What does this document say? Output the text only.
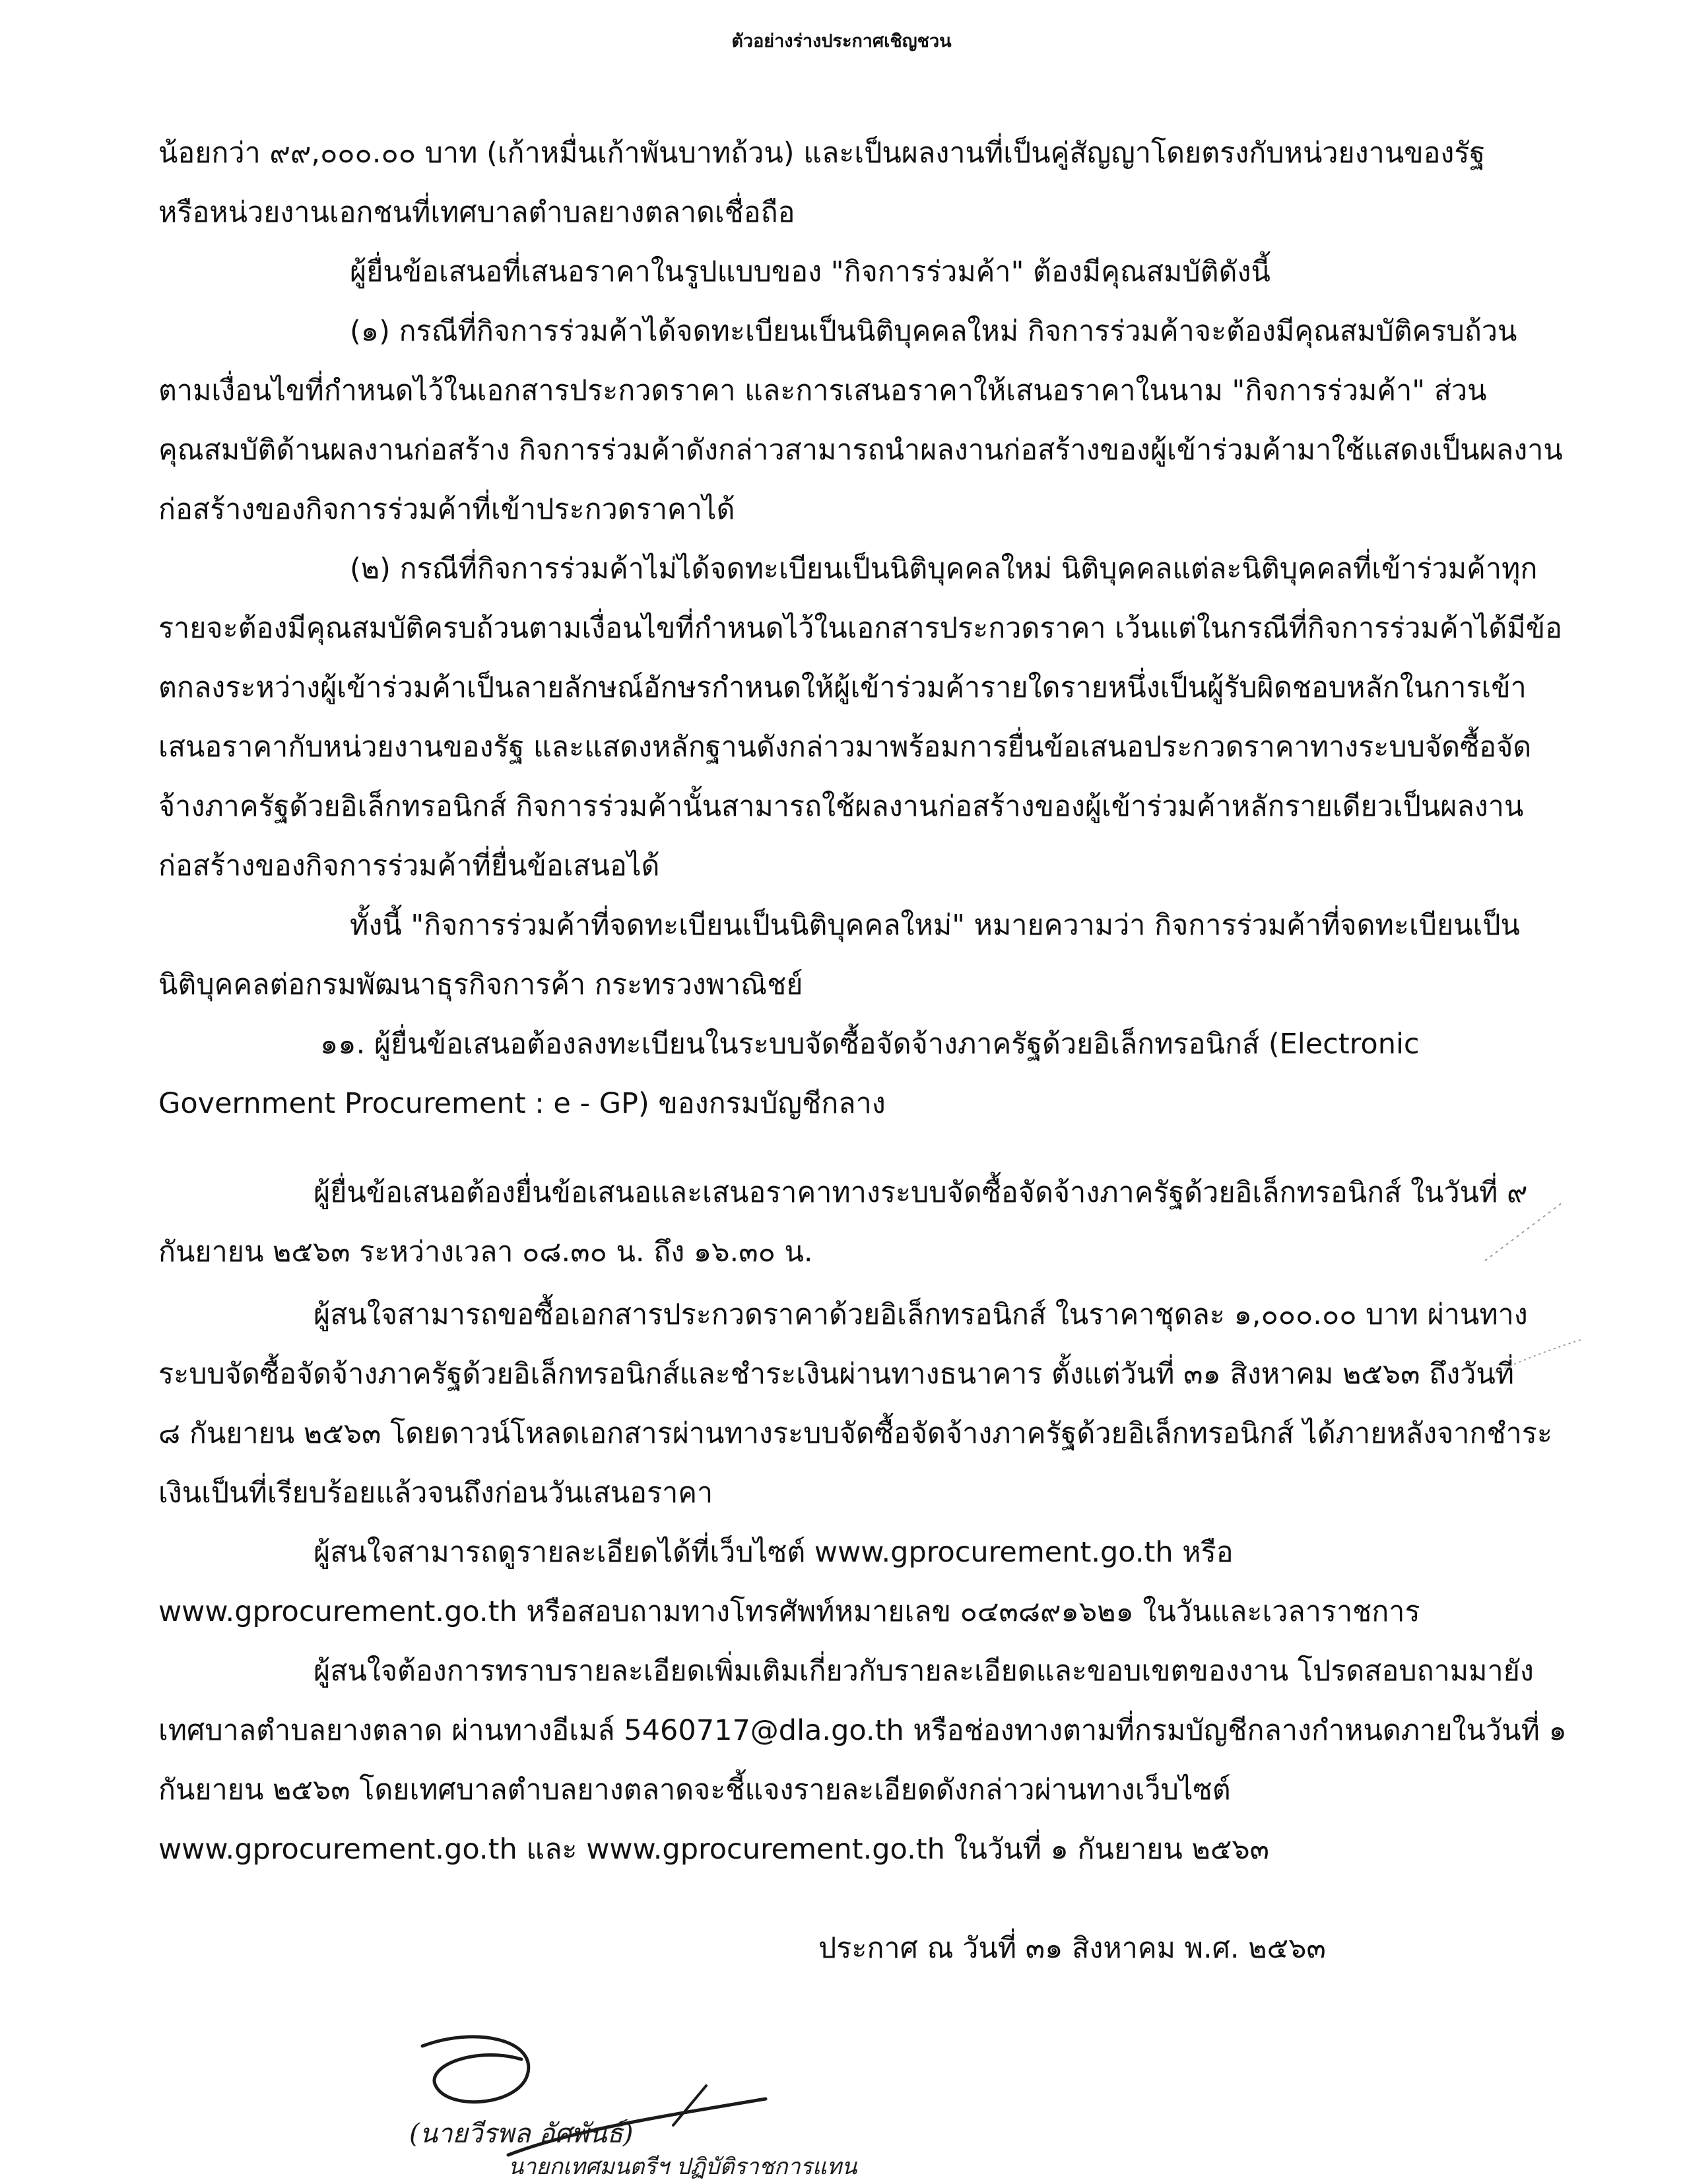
ตัวอย่างร่างประกาศเชิญชวน
น้อยกว่า ๙๙,๐๐๐.๐๐ บาท (เก้าหมื่นเก้าพันบาทถ้วน) และเป็นผลงานที่เป็นคู่สัญญาโดยตรงกับหน่วยงานของรัฐ
หรือหน่วยงานเอกชนที่เทศบาลตำบลยางตลาดเชื่อถือ
ผู้ยื่นข้อเสนอที่เสนอราคาในรูปแบบของ "กิจการร่วมค้า" ต้องมีคุณสมบัติดังนี้
(๑) กรณีที่กิจการร่วมค้าได้จดทะเบียนเป็นนิติบุคคลใหม่ กิจการร่วมค้าจะต้องมีคุณสมบัติครบถ้วน
ตามเงื่อนไขที่กำหนดไว้ในเอกสารประกวดราคา และการเสนอราคาให้เสนอราคาในนาม "กิจการร่วมค้า" ส่วน
คุณสมบัติด้านผลงานก่อสร้าง กิจการร่วมค้าดังกล่าวสามารถนำผลงานก่อสร้างของผู้เข้าร่วมค้ามาใช้แสดงเป็นผลงาน
ก่อสร้างของกิจการร่วมค้าที่เข้าประกวดราคาได้
(๒) กรณีที่กิจการร่วมค้าไม่ได้จดทะเบียนเป็นนิติบุคคลใหม่ นิติบุคคลแต่ละนิติบุคคลที่เข้าร่วมค้าทุก
รายจะต้องมีคุณสมบัติครบถ้วนตามเงื่อนไขที่กำหนดไว้ในเอกสารประกวดราคา เว้นแต่ในกรณีที่กิจการร่วมค้าได้มีข้อ
ตกลงระหว่างผู้เข้าร่วมค้าเป็นลายลักษณ์อักษรกำหนดให้ผู้เข้าร่วมค้ารายใดรายหนึ่งเป็นผู้รับผิดชอบหลักในการเข้า
เสนอราคากับหน่วยงานของรัฐ และแสดงหลักฐานดังกล่าวมาพร้อมการยื่นข้อเสนอประกวดราคาทางระบบจัดซื้อจัด
จ้างภาครัฐด้วยอิเล็กทรอนิกส์ กิจการร่วมค้านั้นสามารถใช้ผลงานก่อสร้างของผู้เข้าร่วมค้าหลักรายเดียวเป็นผลงาน
ก่อสร้างของกิจการร่วมค้าที่ยื่นข้อเสนอได้
ทั้งนี้ "กิจการร่วมค้าที่จดทะเบียนเป็นนิติบุคคลใหม่" หมายความว่า กิจการร่วมค้าที่จดทะเบียนเป็น
นิติบุคคลต่อกรมพัฒนาธุรกิจการค้า กระทรวงพาณิชย์
๑๑. ผู้ยื่นข้อเสนอต้องลงทะเบียนในระบบจัดซื้อจัดจ้างภาครัฐด้วยอิเล็กทรอนิกส์ (Electronic
Government Procurement : e - GP) ของกรมบัญชีกลาง
ผู้ยื่นข้อเสนอต้องยื่นข้อเสนอและเสนอราคาทางระบบจัดซื้อจัดจ้างภาครัฐด้วยอิเล็กทรอนิกส์ ในวันที่ ๙
กันยายน ๒๕๖๓ ระหว่างเวลา ๐๘.๓๐ น. ถึง ๑๖.๓๐ น.
ผู้สนใจสามารถขอซื้อเอกสารประกวดราคาด้วยอิเล็กทรอนิกส์ ในราคาชุดละ ๑,๐๐๐.๐๐ บาท ผ่านทาง
ระบบจัดซื้อจัดจ้างภาครัฐด้วยอิเล็กทรอนิกส์และชำระเงินผ่านทางธนาคาร ตั้งแต่วันที่ ๓๑ สิงหาคม ๒๕๖๓ ถึงวันที่
๘ กันยายน ๒๕๖๓ โดยดาวน์โหลดเอกสารผ่านทางระบบจัดซื้อจัดจ้างภาครัฐด้วยอิเล็กทรอนิกส์ ได้ภายหลังจากชำระ
เงินเป็นที่เรียบร้อยแล้วจนถึงก่อนวันเสนอราคา
ผู้สนใจสามารถดูรายละเอียดได้ที่เว็บไซต์ www.gprocurement.go.th หรือ
www.gprocurement.go.th หรือสอบถามทางโทรศัพท์หมายเลข ๐๔๓๘๙๑๖๒๑ ในวันและเวลาราชการ
ผู้สนใจต้องการทราบรายละเอียดเพิ่มเติมเกี่ยวกับรายละเอียดและขอบเขตของงาน โปรดสอบถามมายัง
เทศบาลตำบลยางตลาด ผ่านทางอีเมล์ 5460717@dla.go.th หรือช่องทางตามที่กรมบัญชีกลางกำหนดภายในวันที่ ๑
กันยายน ๒๕๖๓ โดยเทศบาลตำบลยางตลาดจะชี้แจงรายละเอียดดังกล่าวผ่านทางเว็บไซต์
www.gprocurement.go.th และ www.gprocurement.go.th ในวันที่ ๑ กันยายน ๒๕๖๓
ประกาศ ณ วันที่ ๓๑ สิงหาคม พ.ศ. ๒๕๖๓
(นายวีรพล อัศพันธ์)
นายกเทศมนตรีฯ ปฏิบัติราชการแทน
